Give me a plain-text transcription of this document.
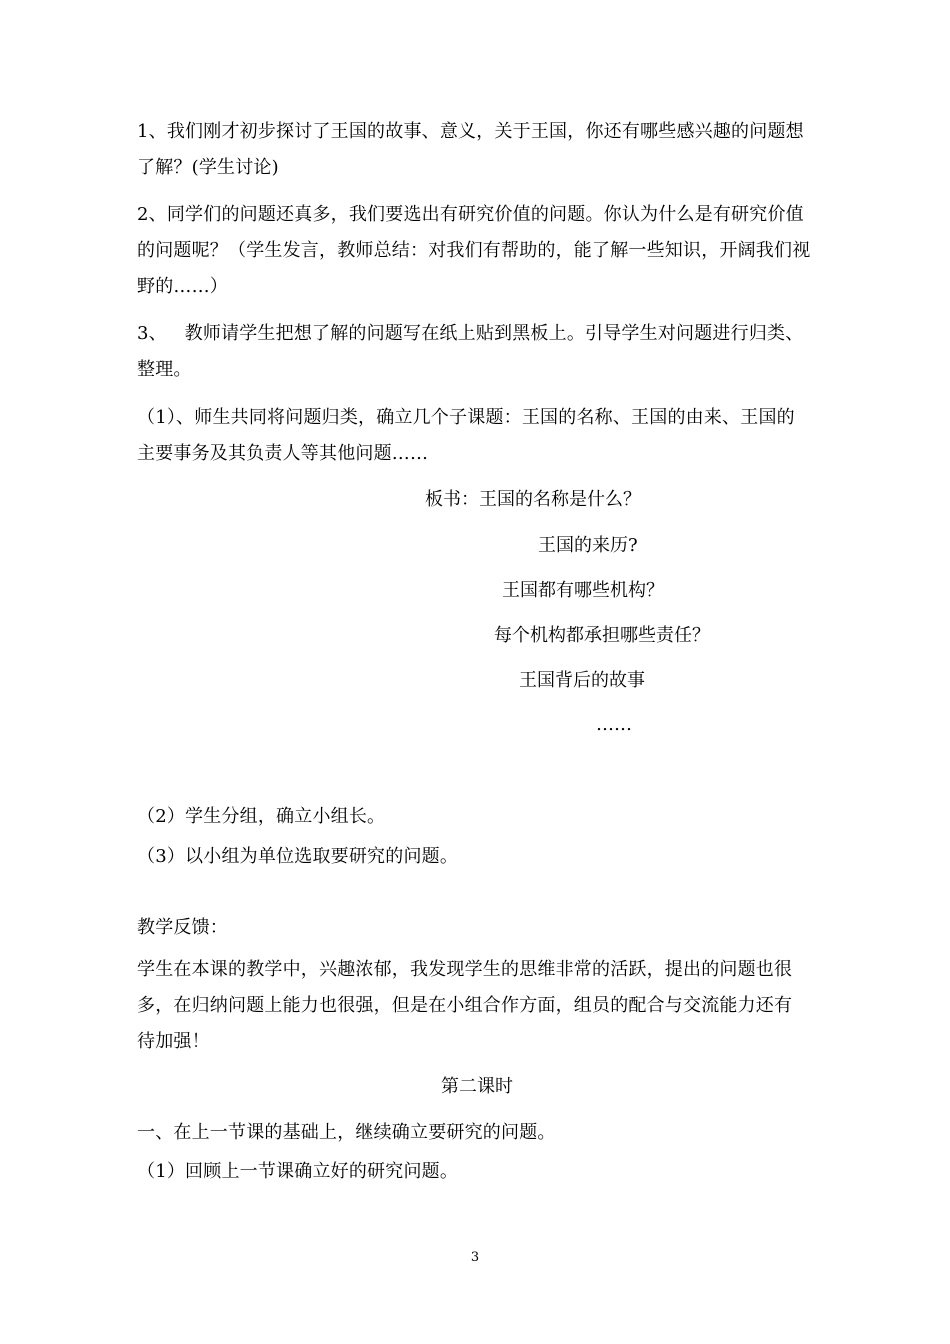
1、我们刚才初步探讨了王国的故事、意义，关于王国，你还有哪些感兴趣的问题想
了解？(学生讨论)
2、同学们的问题还真多，我们要选出有研究价值的问题。你认为什么是有研究价值
的问题呢？（学生发言，教师总结：对我们有帮助的，能了解一些知识，开阔我们视
野的……）
3、   教师请学生把想了解的问题写在纸上贴到黑板上。引导学生对问题进行归类、
整理。
（1）、师生共同将问题归类，确立几个子课题：王国的名称、王国的由来、王国的
主要事务及其负责人等其他问题……
板书：王国的名称是什么？
王国的来历?
王国都有哪些机构？
每个机构都承担哪些责任？
王国背后的故事
……
（2）学生分组，确立小组长。
（3）以小组为单位选取要研究的问题。
教学反馈：
学生在本课的教学中，兴趣浓郁，我发现学生的思维非常的活跃，提出的问题也很
多，在归纳问题上能力也很强，但是在小组合作方面，组员的配合与交流能力还有
待加强！
第二课时
一、在上一节课的基础上，继续确立要研究的问题。
（1）回顾上一节课确立好的研究问题。
3
